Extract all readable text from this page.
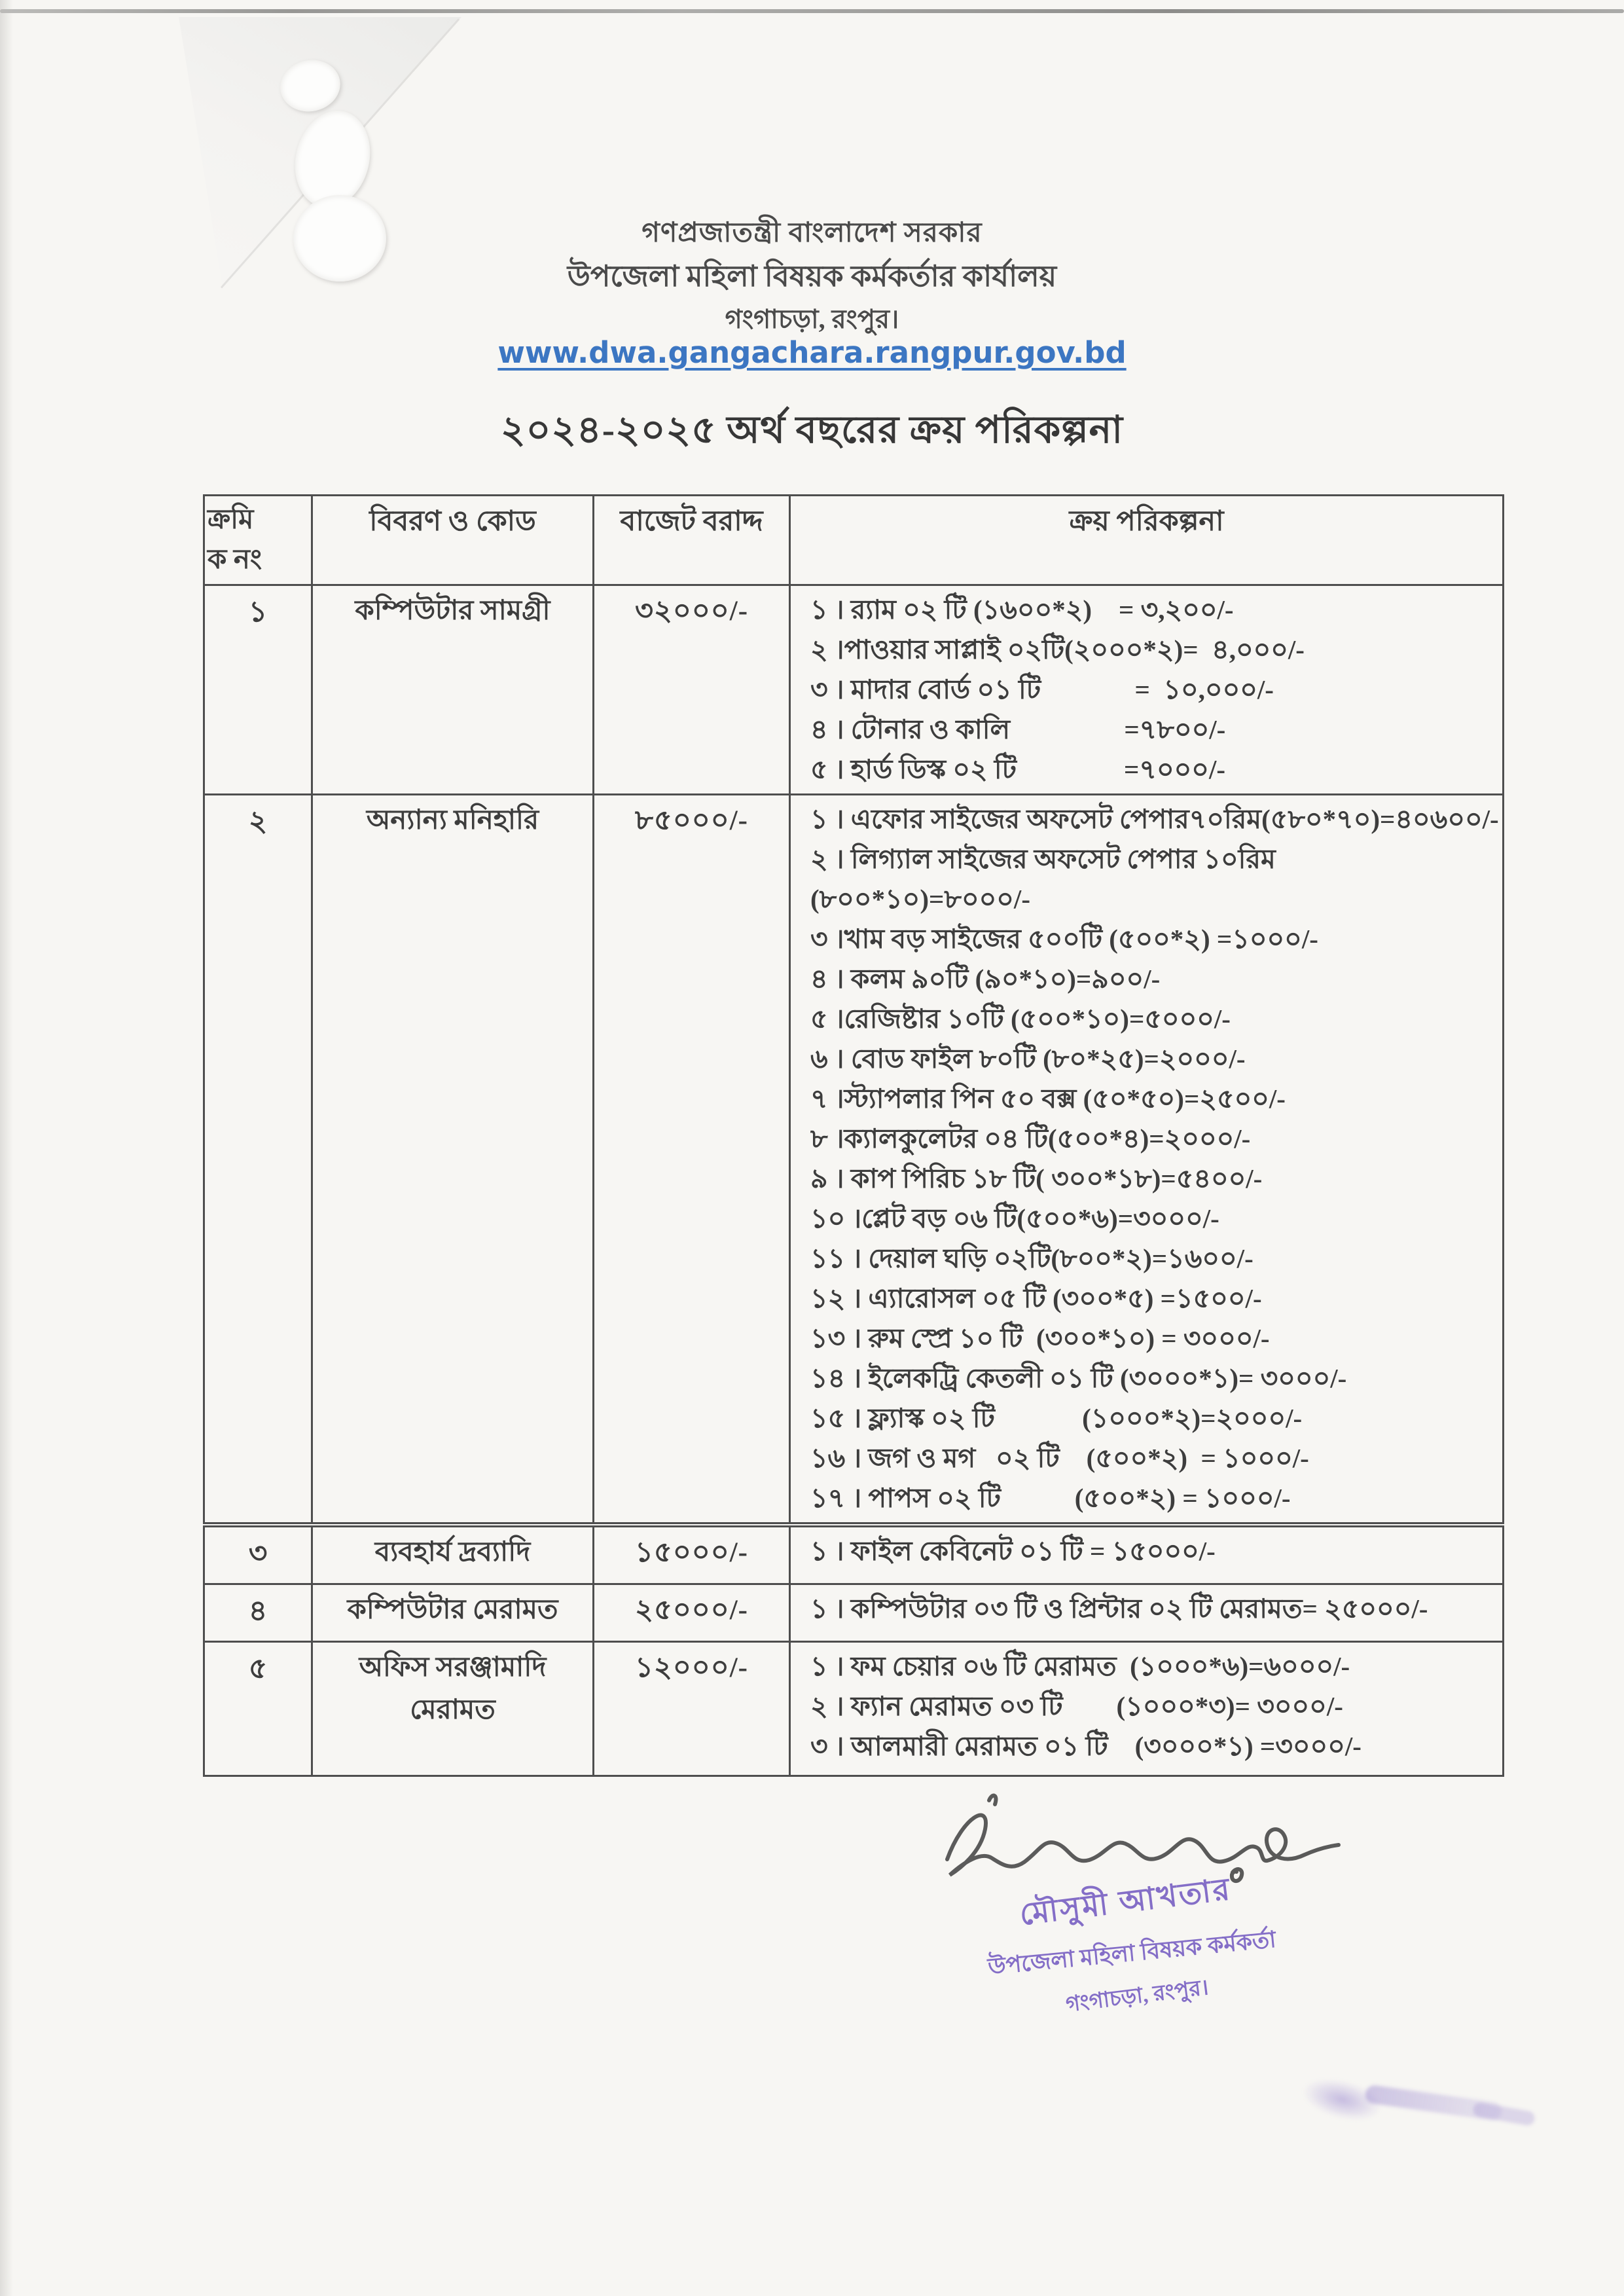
গণপ্রজাতন্ত্রী বাংলাদেশ সরকার
উপজেলা মহিলা বিষয়ক কর্মকর্তার কার্যালয়
গংগাচড়া, রংপুর।
www.dwa.gangachara.rangpur.gov.bd
২০২৪-২০২৫ অর্থ বছরের ক্রয় পরিকল্পনা
ক্রমি
ক নং	বিবরণ ও কোড	বাজেট বরাদ্দ	ক্রয় পরিকল্পনা
১	কম্পিউটার সামগ্রী	৩২০০০/-	১ । র‍্যাম ০২ টি (১৬০০*২)    = ৩,২০০/-
২ ।পাওয়ার সাপ্লাই ০২টি(২০০০*২)=  ৪,০০০/-
৩ । মাদার বোর্ড ০১ টি              =  ১০,০০০/-
৪ । টোনার ও কালি                 =৭৮০০/-
৫ । হার্ড ডিস্ক ০২ টি                =৭০০০/-

২	অন্যান্য মনিহারি	৮৫০০০/-	১ । এফোর সাইজের অফসেট পেপার৭০রিম(৫৮০*৭০)=৪০৬০০/-
২ । লিগ্যাল সাইজের অফসেট পেপার ১০রিম (৮০০*১০)=৮০০০/-
৩ ।খাম বড় সাইজের ৫০০টি (৫০০*২) =১০০০/-
৪ । কলম ৯০টি (৯০*১০)=৯০০/-
৫ ।রেজিষ্টার ১০টি (৫০০*১০)=৫০০০/-
৬ । বোড ফাইল ৮০টি (৮০*২৫)=২০০০/-
৭ ।স্ট্যাপলার পিন ৫০ বক্স (৫০*৫০)=২৫০০/-
৮ ।ক্যালকুলেটর ০৪ টি(৫০০*৪)=২০০০/-
৯ । কাপ পিরিচ ১৮ টি( ৩০০*১৮)=৫৪০০/-
১০ ।প্লেট বড় ০৬ টি(৫০০*৬)=৩০০০/-
১১ । দেয়াল ঘড়ি ০২টি(৮০০*২)=১৬০০/-
১২ । এ্যারোসল ০৫ টি (৩০০*৫) =১৫০০/-
১৩ । রুম স্প্রে ১০ টি  (৩০০*১০) = ৩০০০/-
১৪ । ইলেকট্রি কেতলী ০১ টি (৩০০০*১)= ৩০০০/-
১৫ । ফ্ল্যাস্ক ০২ টি             (১০০০*২)=২০০০/-
১৬ । জগ ও মগ   ০২ টি    (৫০০*২)  = ১০০০/-
১৭ । পাপস ০২ টি           (৫০০*২) = ১০০০/-

৩	ব্যবহার্য দ্রব্যাদি	১৫০০০/-	১ । ফাইল কেবিনেট ০১ টি = ১৫০০০/-

৪	কম্পিউটার মেরামত	২৫০০০/-	১ । কম্পিউটার ০৩ টি ও প্রিন্টার ০২ টি মেরামত= ২৫০০০/-

৫	অফিস সরঞ্জামাদি মেরামত	১২০০০/-	১ । ফম চেয়ার ০৬ টি মেরামত  (১০০০*৬)=৬০০০/-
২ । ফ্যান মেরামত ০৩ টি        (১০০০*৩)= ৩০০০/-
৩ । আলমারী মেরামত ০১ টি    (৩০০০*১) =৩০০০/-
মৌসুমী আখতার
উপজেলা মহিলা বিষয়ক কর্মকর্তা
গংগাচড়া, রংপুর।
